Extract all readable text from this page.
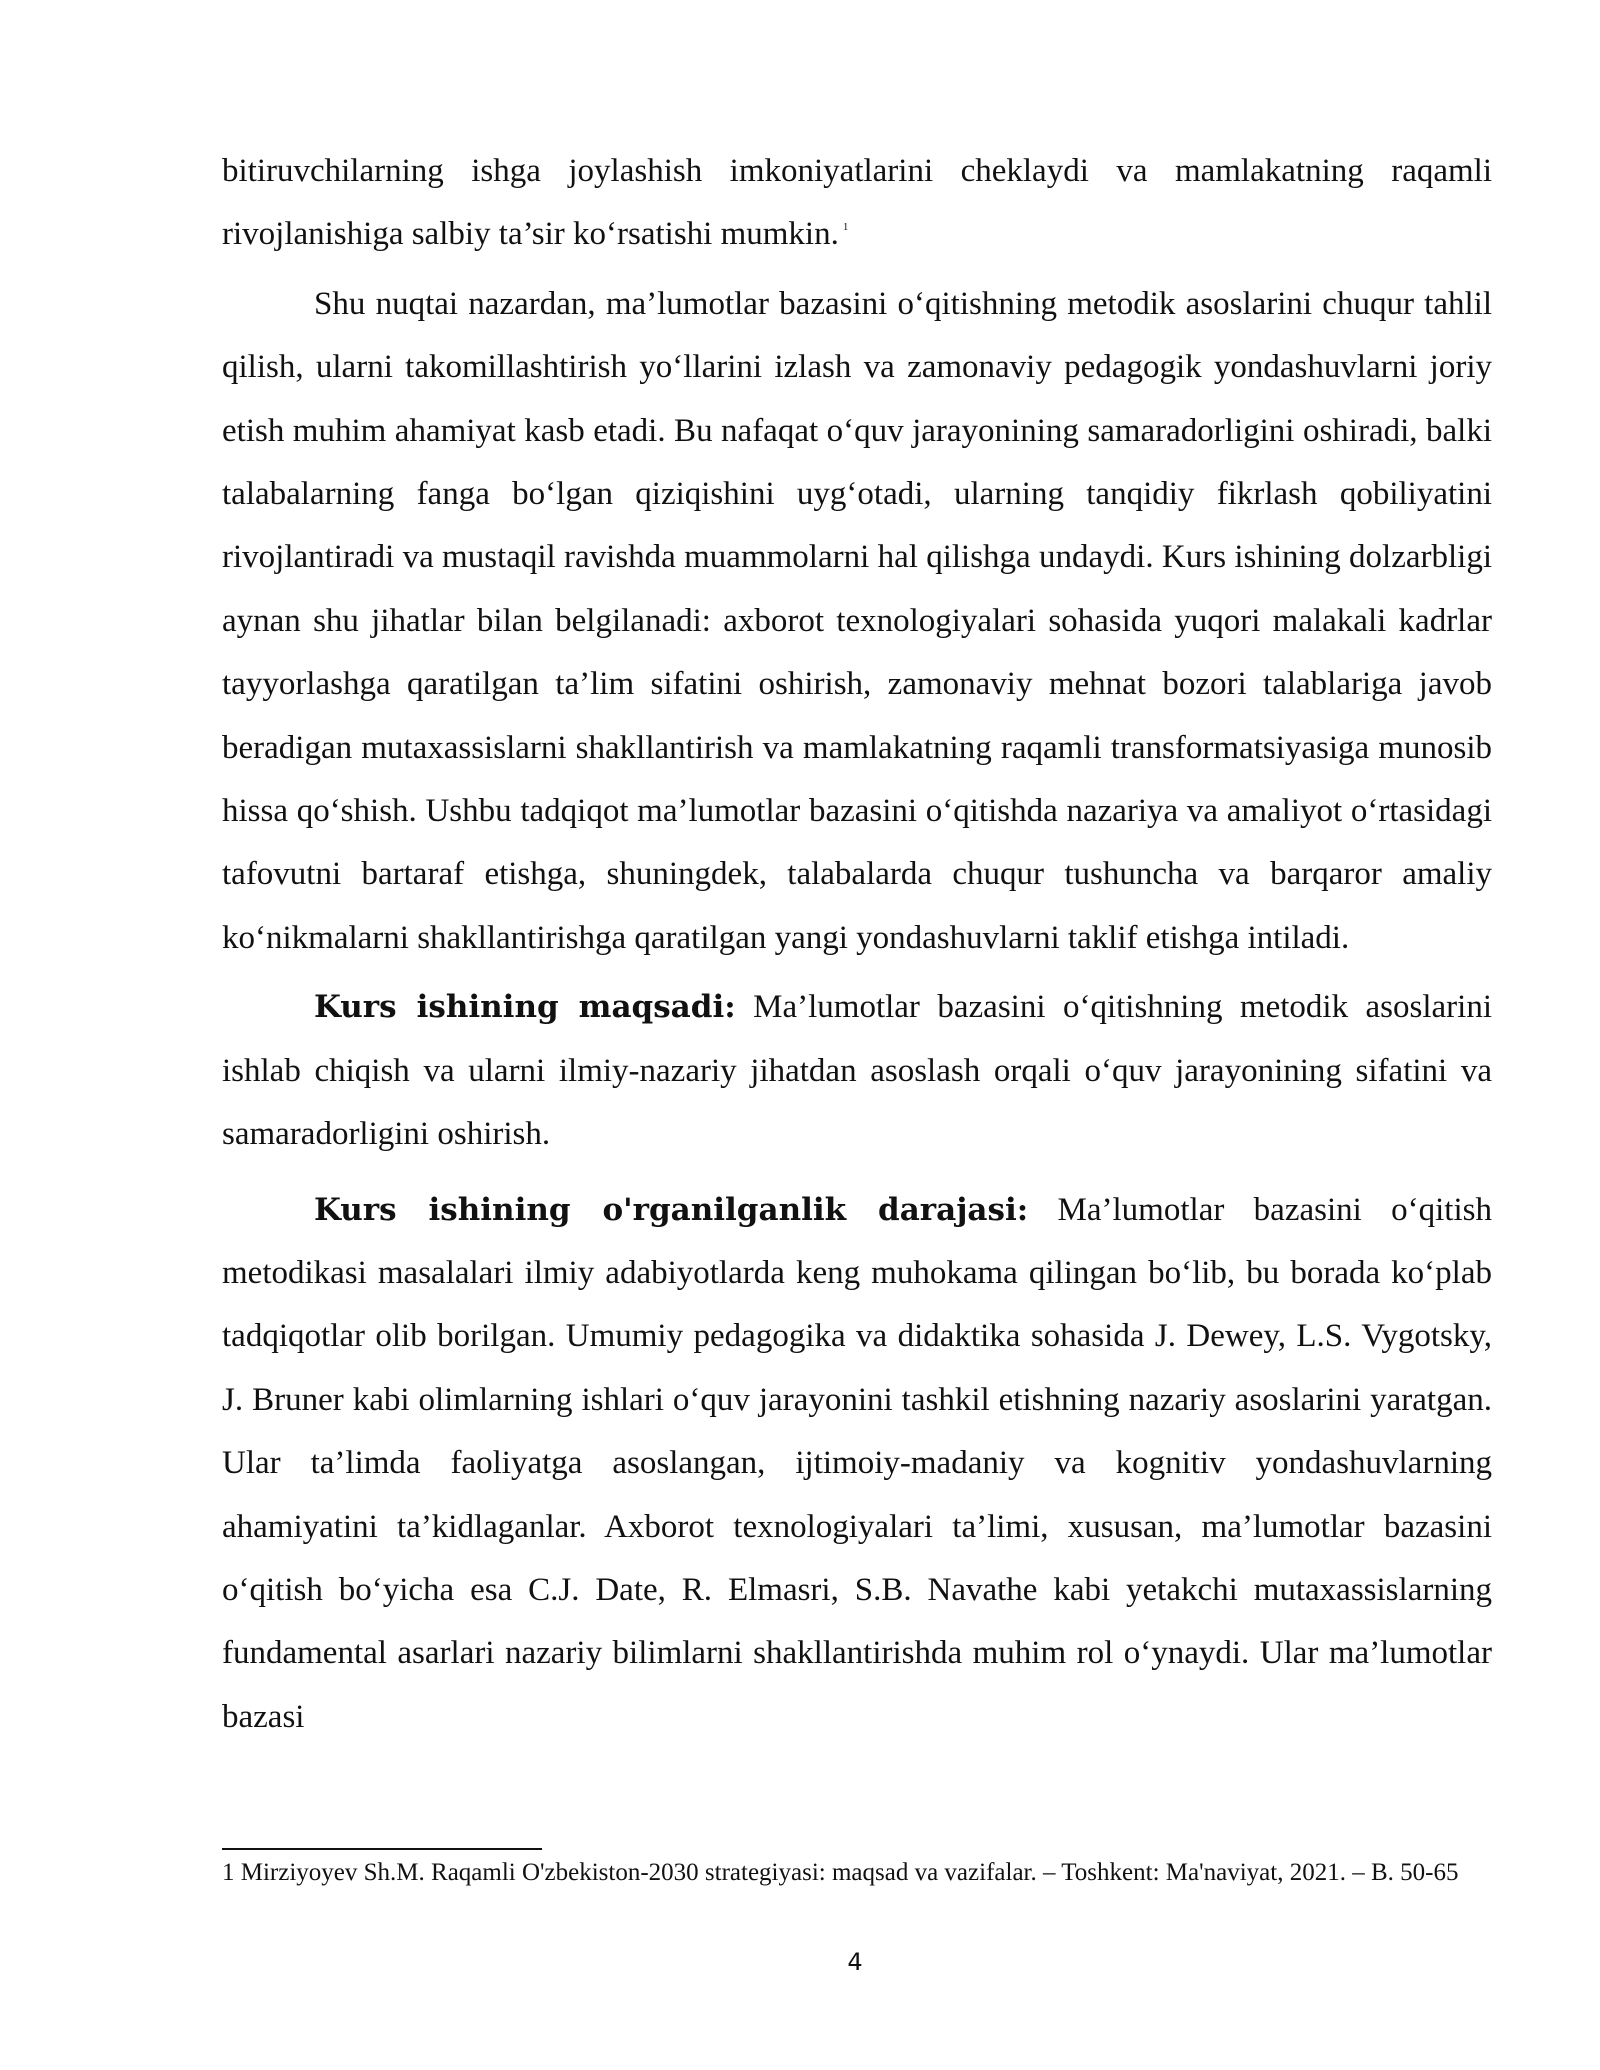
bitiruvchilarning ishga joylashish imkoniyatlarini cheklaydi va mamlakatning raqamli rivojlanishiga salbiy ta’sir ko‘rsatishi mumkin. $^1$

Shu nuqtai nazardan, ma’lumotlar bazasini o‘qitishning metodik asoslarini chuqur tahlil qilish, ularni takomillashtirish yo‘llarini izlash va zamonaviy pedagogik yondashuvlarni joriy etish muhim ahamiyat kasb etadi. Bu nafaqat o‘quv jarayonining samaradorligini oshiradi, balki talabalarning fanga bo‘lgan qiziqishini uyg‘otadi, ularning tanqidiy fikrlash qobiliyatini rivojlantiradi va mustaqil ravishda muammolarni hal qilishga undaydi. Kurs ishining dolzarbligi aynan shu jihatlar bilan belgilanadi: axborot texnologiyalari sohasida yuqori malakali kadrlar tayyorlashga qaratilgan ta’lim sifatini oshirish, zamonaviy mehnat bozori talablariga javob beradigan mutaxassislarni shakllantirish va mamlakatning raqamli transformatsiyasiga munosib hissa qo‘shish. Ushbu tadqiqot ma’lumotlar bazasini o‘qitishda nazariya va amaliyot o‘rtasidagi tafovutni bartaraf etishga, shuningdek, talabalarda chuqur tushuncha va barqaror amaliy ko‘nikmalarni shakllantirishga qaratilgan yangi yondashuvlarni taklif etishga intiladi.

Kurs ishining maqsadi: Ma’lumotlar bazasini o‘qitishning metodik asoslarini ishlab chiqish va ularni ilmiy-nazariy jihatdan asoslash orqali o‘quv jarayonining sifatini va samaradorligini oshirish.

Kurs ishining o'rganilganlik darajasi: Ma’lumotlar bazasini o‘qitish metodikasi masalalari ilmiy adabiyotlarda keng muhokama qilingan bo‘lib, bu borada ko‘plab tadqiqotlar olib borilgan. Umumiy pedagogika va didaktika sohasida J. Dewey, L.S. Vygotsky, J. Bruner kabi olimlarning ishlari o‘quv jarayonini tashkil etishning nazariy asoslarini yaratgan. Ular ta’limda faoliyatga asoslangan, ijtimoiy-madaniy va kognitiv yondashuvlarning ahamiyatini ta’kidlaganlar. Axborot texnologiyalari ta’limi, xususan, ma’lumotlar bazasini o‘qitish bo‘yicha esa C.J. Date, R. Elmasri, S.B. Navathe kabi yetakchi mutaxassislarning fundamental asarlari nazariy bilimlarni shakllantirishda muhim rol o‘ynaydi. Ular ma’lumotlar bazasi

1 Mirziyoyev Sh.M. Raqamli O'zbekiston-2030 strategiyasi: maqsad va vazifalar. – Toshkent: Ma'naviyat, 2021. – B. 50-65
4
